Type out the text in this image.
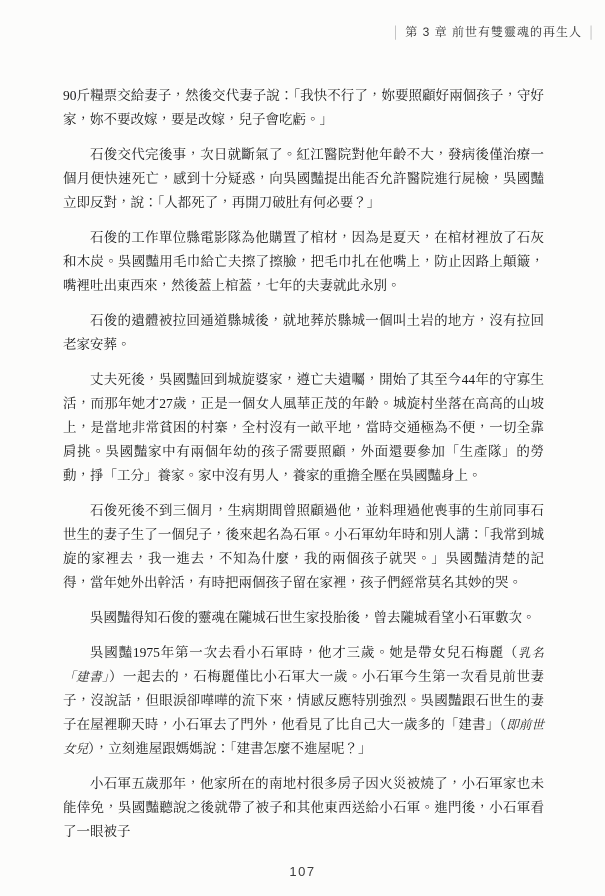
| 第 3 章 前世有雙靈魂的再生人 |

90斤糧票交給妻子，然後交代妻子說：「我快不行了，妳要照顧好兩個孩子，守好家，妳不要改嫁，要是改嫁，兒子會吃虧。」

石俊交代完後事，次日就斷氣了。紅江醫院對他年齡不大，發病後僅治療一個月便快速死亡，感到十分疑惑，向吳國豔提出能否允許醫院進行屍檢，吳國豔立即反對，說：「人都死了，再開刀破肚有何必要？」

石俊的工作單位縣電影隊為他購置了棺材，因為是夏天，在棺材裡放了石灰和木炭。吳國豔用毛巾給亡夫擦了擦臉，把毛巾扎在他嘴上，防止因路上顛簸，嘴裡吐出東西來，然後蓋上棺蓋，七年的夫妻就此永別。

石俊的遺體被拉回通道縣城後，就地葬於縣城一個叫土岩的地方，沒有拉回老家安葬。

丈夫死後，吳國豔回到城旋婆家，遵亡夫遺囑，開始了其至今44年的守寡生活，而那年她才27歲，正是一個女人風華正茂的年齡。城旋村坐落在高高的山坡上，是當地非常貧困的村寨，全村沒有一畝平地，當時交通極為不便，一切全靠肩挑。吳國豔家中有兩個年幼的孩子需要照顧，外面還要參加「生產隊」的勞動，掙「工分」養家。家中沒有男人，養家的重擔全壓在吳國豔身上。

石俊死後不到三個月，生病期間曾照顧過他，並料理過他喪事的生前同事石世生的妻子生了一個兒子，後來起名為石軍。小石軍幼年時和別人講：「我常到城旋的家裡去，我一進去，不知為什麼，我的兩個孩子就哭。」吳國豔清楚的記得，當年她外出幹活，有時把兩個孩子留在家裡，孩子們經常莫名其妙的哭。

吳國豔得知石俊的靈魂在隴城石世生家投胎後，曾去隴城看望小石軍數次。

吳國豔1975年第一次去看小石軍時，他才三歲。她是帶女兒石梅麗（乳名「建書」）一起去的，石梅麗僅比小石軍大一歲。小石軍今生第一次看見前世妻子，沒說話，但眼淚卻嘩嘩的流下來，情感反應特別強烈。吳國豔跟石世生的妻子在屋裡聊天時，小石軍去了門外，他看見了比自己大一歲多的「建書」（即前世女兒），立刻進屋跟媽媽說：「建書怎麼不進屋呢？」

小石軍五歲那年，他家所在的南地村很多房子因火災被燒了，小石軍家也未能倖免，吳國豔聽說之後就帶了被子和其他東西送給小石軍。進門後，小石軍看了一眼被子

107
